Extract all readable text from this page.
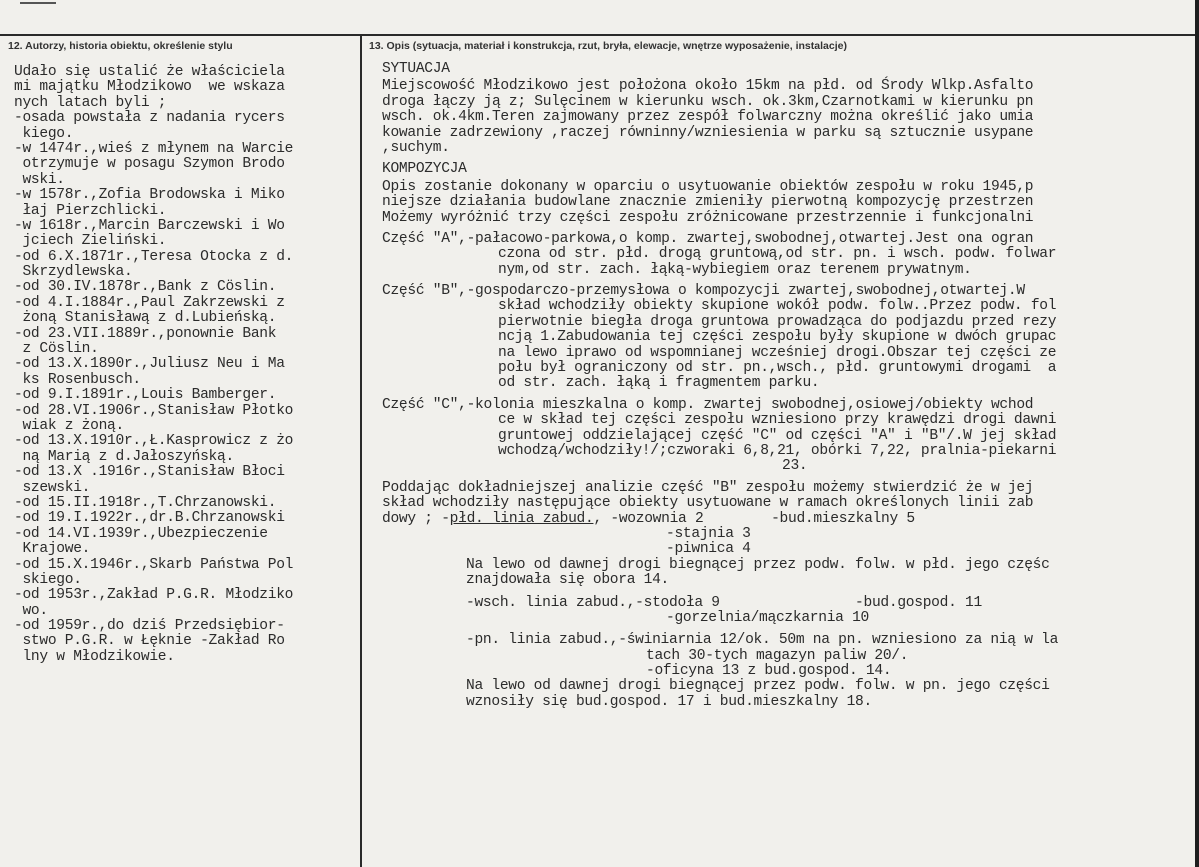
12. Autorzy, historia obiektu, określenie stylu	13. Opis (sytuacja, materiał i konstrukcja, rzut, bryła, elewacje, wnętrze wyposażenie, instalacje)
Udało się ustalić że właściciela
mi majątku Młodzikowo  we wskaza
nych latach byli ;
-osada powstała z nadania rycers
kiego.
-w 1474r.,wieś z młynem na Warcie
otrzymuje w posagu Szymon Brodo
wski.
-w 1578r.,Zofia Brodowska i Miko
łaj Pierzchlicki.
-w 1618r.,Marcin Barczewski i Wo
jciech Zieliński.
-od 6.X.1871r.,Teresa Otocka z d.
Skrzydlewska.
-od 30.IV.1878r.,Bank z Cöslin.
-od 4.I.1884r.,Paul Zakrzewski z
żoną Stanisławą z d.Lubieńską.
-od 23.VII.1889r.,ponownie Bank
z Cöslin.
-od 13.X.1890r.,Juliusz Neu i Ma
ks Rosenbusch.
-od 9.I.1891r.,Louis Bamberger.
-od 28.VI.1906r.,Stanisław Płotko
wiak z żoną.
-od 13.X.1910r.,Ł.Kasprowicz z żo
ną Marią z d.Jałoszyńską.
-od 13.X .1916r.,Stanisław Błoci
szewski.
-od 15.II.1918r.,T.Chrzanowski.
-od 19.I.1922r.,dr.B.Chrzanowski
-od 14.VI.1939r.,Ubezpieczenie
Krajowe.
-od 15.X.1946r.,Skarb Państwa Pol
skiego.
-od 1953r.,Zakład P.G.R. Młodziko
wo.
-od 1959r.,do dziś Przedsiębior-
stwo P.G.R. w Łęknie -Zakład Ro
lny w Młodzikowie.
SYTUACJA
Miejscowość Młodzikowo jest położona około 15km na płd. od Środy Wlkp.Asfalto
droga łączy ją z; Sulęcinem w kierunku wsch. ok.3km,Czarnotkami w kierunku pn
wsch. ok.4km.Teren zajmowany przez zespół folwarczny można określić jako umia
kowanie zadrzewiony ,raczej równinny/wzniesienia w parku są sztucznie usypane
,suchym.
KOMPOZYCJA
Opis zostanie dokonany w oparciu o usytuowanie obiektów zespołu w roku 1945,p
niejsze działania budowlane znacznie zmieniły pierwotną kompozycję przestrzen
Możemy wyróżnić trzy części zespołu zróżnicowane przestrzennie i funkcjonalni
Część "A",-pałacowo-parkowa,o komp. zwartej,swobodnej,otwartej.Jest ona ogran
czona od str. płd. drogą gruntową,od str. pn. i wsch. podw. folwar
nym,od str. zach. łąką-wybiegiem oraz terenem prywatnym.
Część "B",-gospodarczo-przemysłowa o kompozycji zwartej,swobodnej,otwartej.W
skład wchodziły obiekty skupione wokół podw. folw..Przez podw. fol
pierwotnie biegła droga gruntowa prowadząca do podjazdu przed rezy
ncją 1.Zabudowania tej części zespołu były skupione w dwóch grupac
na lewo iprawo od wspomnianej wcześniej drogi.Obszar tej części ze
połu był ograniczony od str. pn.,wsch., płd. gruntowymi drogami  a
od str. zach. łąką i fragmentem parku.
Część "C",-kolonia mieszkalna o komp. zwartej swobodnej,osiowej/obiekty wchod
ce w skład tej części zespołu wzniesiono przy krawędzi drogi dawni
gruntowej oddzielającej część "C" od części "A" i "B"/.W jej skład
wchodzą/wchodziły!/;czworaki 6,8,21, obórki 7,22, pralnia-piekarni
23.
Poddając dokładniejszej analizie część "B" zespołu możemy stwierdzić że w jej
skład wchodziły następujące obiekty usytuowane w ramach określonych linii zab
dowy ; -płd. linia zabud., -wozownia 2        -bud.mieszkalny 5
-stajnia 3
-piwnica 4
Na lewo od dawnej drogi biegnącej przez podw. folw. w płd. jego częśc
znajdowała się obora 14.
-wsch. linia zabud.,-stodoła 9                -bud.gospod. 11
-gorzelnia/mączkarnia 10
-pn. linia zabud.,-świniarnia 12/ok. 50m na pn. wzniesiono za nią w la
tach 30-tych magazyn paliw 20/.
-oficyna 13 z bud.gospod. 14.
Na lewo od dawnej drogi biegnącej przez podw. folw. w pn. jego części
wznosiły się bud.gospod. 17 i bud.mieszkalny 18.
